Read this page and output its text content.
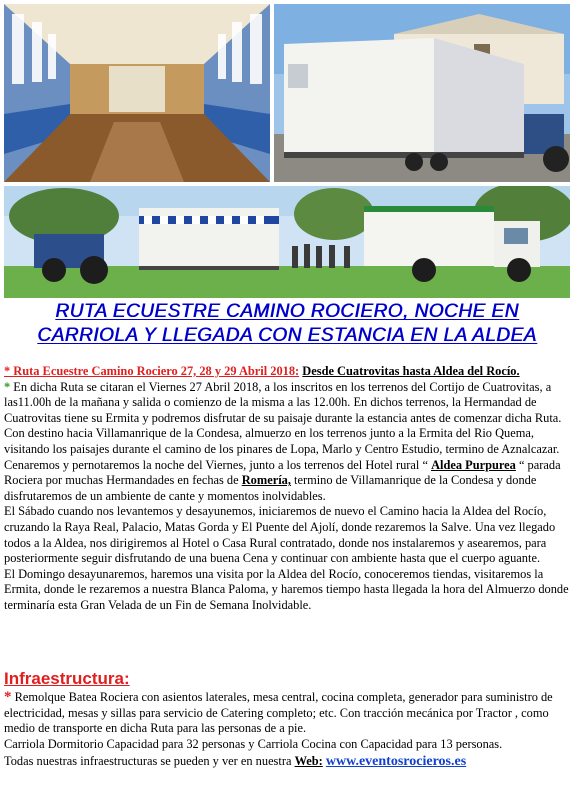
RUTA ECUESTRE CAMINO ROCIERO, NOCHE EN
CARRIOLA Y LLEGADA CON ESTANCIA EN LA ALDEA

* Ruta Ecuestre Camino Rociero 27, 28 y 29 Abril 2018: Desde Cuatrovitas hasta Aldea del Rocío.

* En dicha Ruta se citaran el Viernes 27 Abril 2018, a los inscritos en los terrenos del Cortijo de Cuatrovitas, a las11.00h de la mañana y salida o comienzo de la misma a las 12.00h. En dichos terrenos, la Hermandad de Cuatrovitas tiene su Ermita y podremos disfrutar de su paisaje durante la estancia antes de comenzar dicha Ruta. Con destino hacia Villamanrique de la Condesa, almuerzo en los terrenos junto a la Ermita del Rio Quema, visitando los paisajes durante el camino de los pinares de Lopa, Marlo y Centro Estudio, termino de Aznalcazar. Cenaremos y pernotaremos la noche del Viernes, junto a los terrenos del Hotel rural “ Aldea Purpurea “ parada Rociera por muchas Hermandades en fechas de Romería, termino de Villamanrique de la Condesa y donde disfrutaremos de un ambiente de cante y momentos inolvidables.

El Sábado cuando nos levantemos y desayunemos, iniciaremos de nuevo el Camino hacia la Aldea del Rocío, cruzando la Raya Real, Palacio, Matas Gorda y El Puente del Ajolí, donde rezaremos la Salve. Una vez llegado todos a la Aldea, nos dirigiremos al Hotel o Casa Rural contratado, donde nos instalaremos y asearemos, para posteriormente seguir disfrutando de una buena Cena y continuar con ambiente hasta que el cuerpo aguante.

El Domingo desayunaremos, haremos una visita por la Aldea del Rocío, conoceremos tiendas, visitaremos la Ermita, donde le rezaremos a nuestra Blanca Paloma, y haremos tiempo hasta llegada la hora del Almuerzo donde terminaría esta Gran Velada de un Fin de Semana Inolvidable.

Infraestructura:

* Remolque Batea Rociera con asientos laterales, mesa central, cocina completa, generador para suministro de electricidad, mesas y sillas para servicio de Catering completo; etc. Con tracción mecánica por Tractor , como medio de transporte en dicha Ruta para las personas de a pie.

Carriola Dormitorio Capacidad para 32 personas y Carriola Cocina con Capacidad para 13 personas.

Todas nuestras infraestructuras se pueden y ver en nuestra Web: www.eventosrocieros.es
